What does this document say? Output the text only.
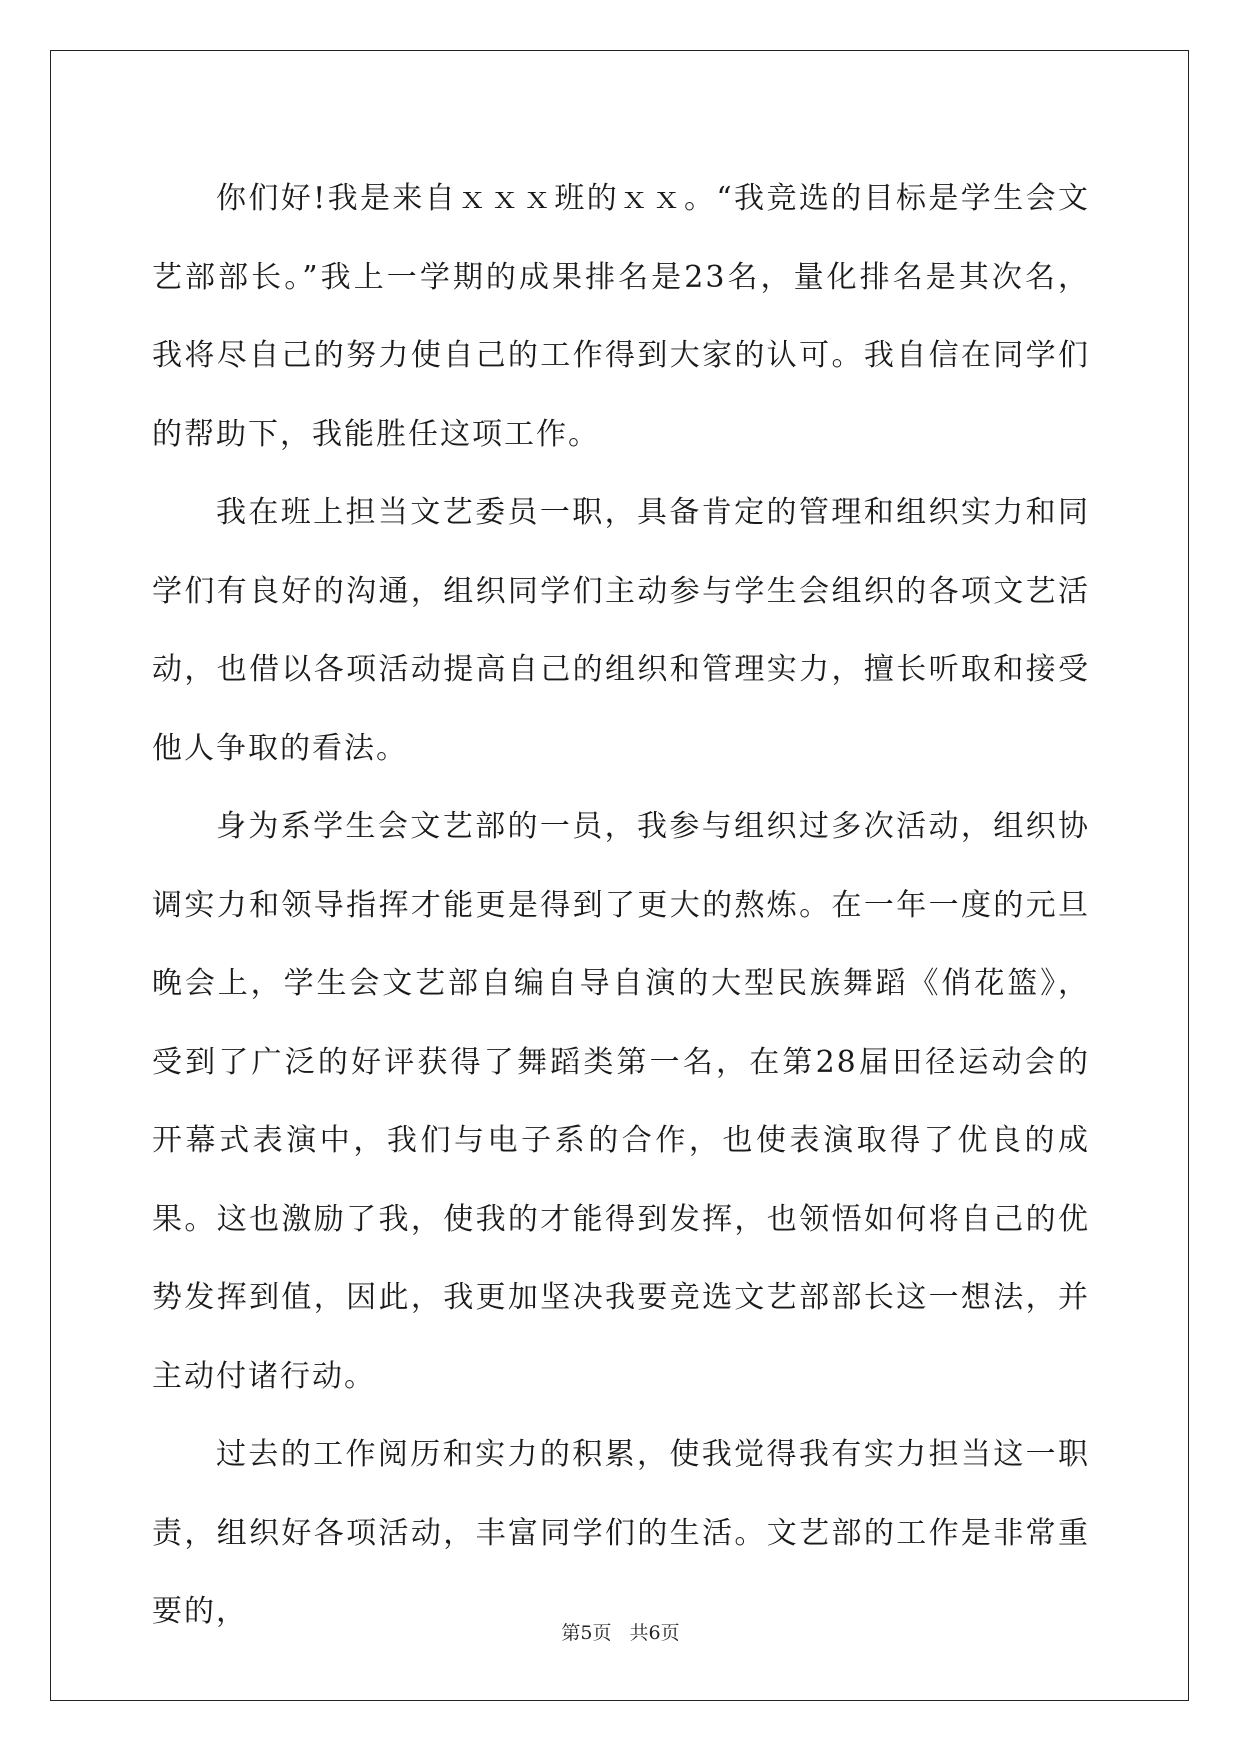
你们好!我是来自ｘｘｘ班的ｘｘ。“我竞选的目标是学生会文艺部部长。”我上一学期的成果排名是23名，量化排名是其次名，我将尽自己的努力使自己的工作得到大家的认可。我自信在同学们的帮助下，我能胜任这项工作。

我在班上担当文艺委员一职，具备肯定的管理和组织实力和同学们有良好的沟通，组织同学们主动参与学生会组织的各项文艺活动，也借以各项活动提高自己的组织和管理实力，擅长听取和接受他人争取的看法。

身为系学生会文艺部的一员，我参与组织过多次活动，组织协调实力和领导指挥才能更是得到了更大的熬炼。在一年一度的元旦晚会上，学生会文艺部自编自导自演的大型民族舞蹈《俏花篮》，受到了广泛的好评获得了舞蹈类第一名，在第28届田径运动会的开幕式表演中，我们与电子系的合作，也使表演取得了优良的成果。这也激励了我，使我的才能得到发挥，也领悟如何将自己的优势发挥到值，因此，我更加坚决我要竞选文艺部部长这一想法，并主动付诸行动。

过去的工作阅历和实力的积累，使我觉得我有实力担当这一职责，组织好各项活动，丰富同学们的生活。文艺部的工作是非常重要的，

第5页 共6页
